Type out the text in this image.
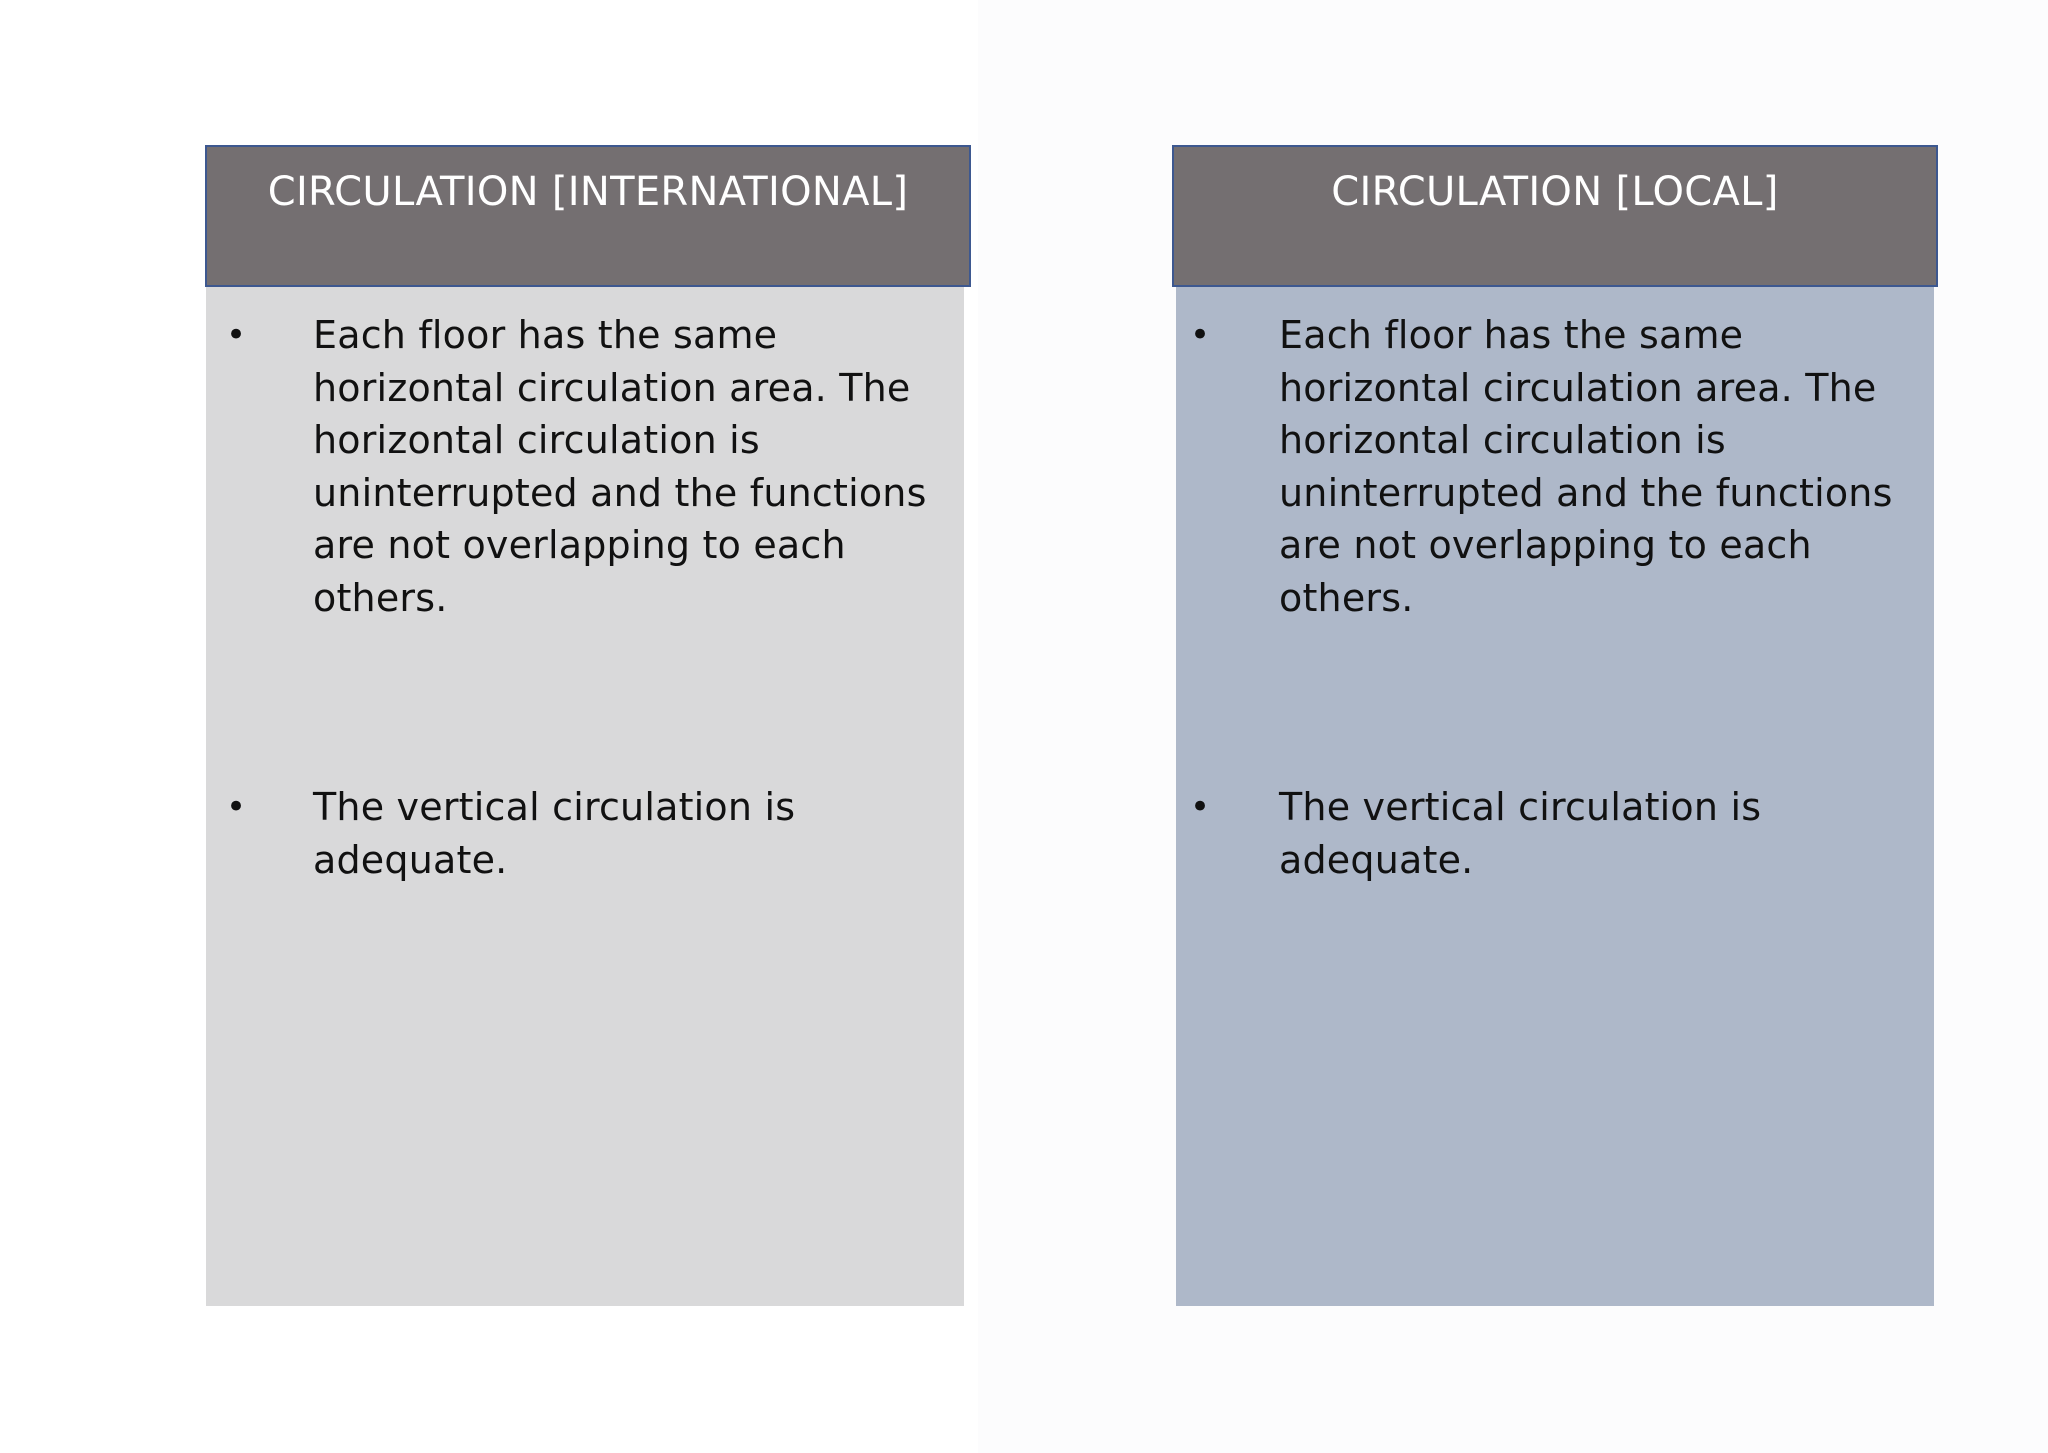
CIRCULATION [INTERNATIONAL]
• Each floor has the same horizontal circulation area. The horizontal circulation is uninterrupted and the functions are not overlapping to each others.
• The vertical circulation is adequate.
CIRCULATION [LOCAL]
• Each floor has the same horizontal circulation area. The horizontal circulation is uninterrupted and the functions are not overlapping to each others.
• The vertical circulation is adequate.
